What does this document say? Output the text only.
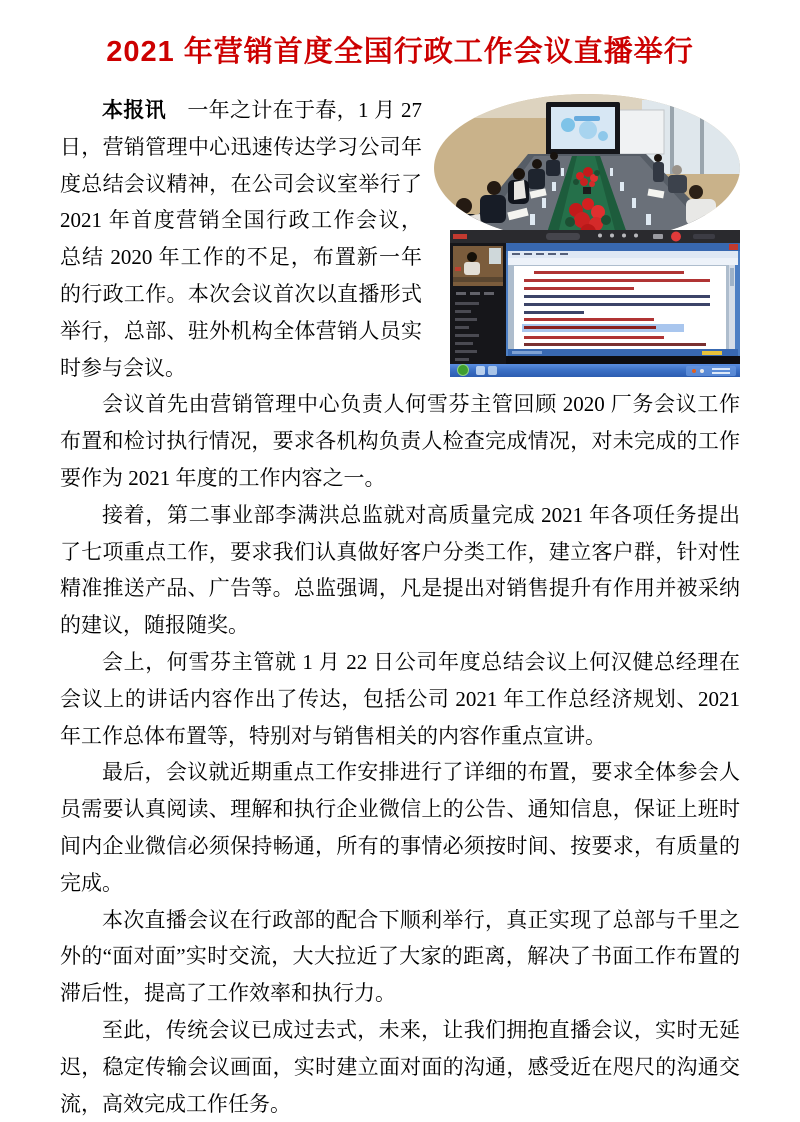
2021 年营销首度全国行政工作会议直播举行

本报讯　一年之计在于春，1 月 27 日，营销管理中心迅速传达学习公司年度总结会议精神，在公司会议室举行了 2021 年首度营销全国行政工作会议，总结 2020 年工作的不足，布置新一年的行政工作。本次会议首次以直播形式举行，总部、驻外机构全体营销人员实时参与会议。

会议首先由营销管理中心负责人何雪芬主管回顾 2020 厂务会议工作布置和检讨执行情况，要求各机构负责人检查完成情况，对未完成的工作要作为 2021 年度的工作内容之一。

接着，第二事业部李满洪总监就对高质量完成 2021 年各项任务提出了七项重点工作，要求我们认真做好客户分类工作，建立客户群，针对性精准推送产品、广告等。总监强调，凡是提出对销售提升有作用并被采纳的建议，随报随奖。

会上，何雪芬主管就 1 月 22 日公司年度总结会议上何汉健总经理在会议上的讲话内容作出了传达，包括公司 2021 年工作总经济规划、2021 年工作总体布置等，特别对与销售相关的内容作重点宣讲。

最后，会议就近期重点工作安排进行了详细的布置，要求全体参会人员需要认真阅读、理解和执行企业微信上的公告、通知信息，保证上班时间内企业微信必须保持畅通，所有的事情必须按时间、按要求，有质量的完成。

本次直播会议在行政部的配合下顺利举行，真正实现了总部与千里之外的“面对面”实时交流，大大拉近了大家的距离，解决了书面工作布置的滞后性，提高了工作效率和执行力。

至此，传统会议已成过去式，未来，让我们拥抱直播会议，实时无延迟，稳定传输会议画面，实时建立面对面的沟通，感受近在咫尺的沟通交流，高效完成工作任务。
